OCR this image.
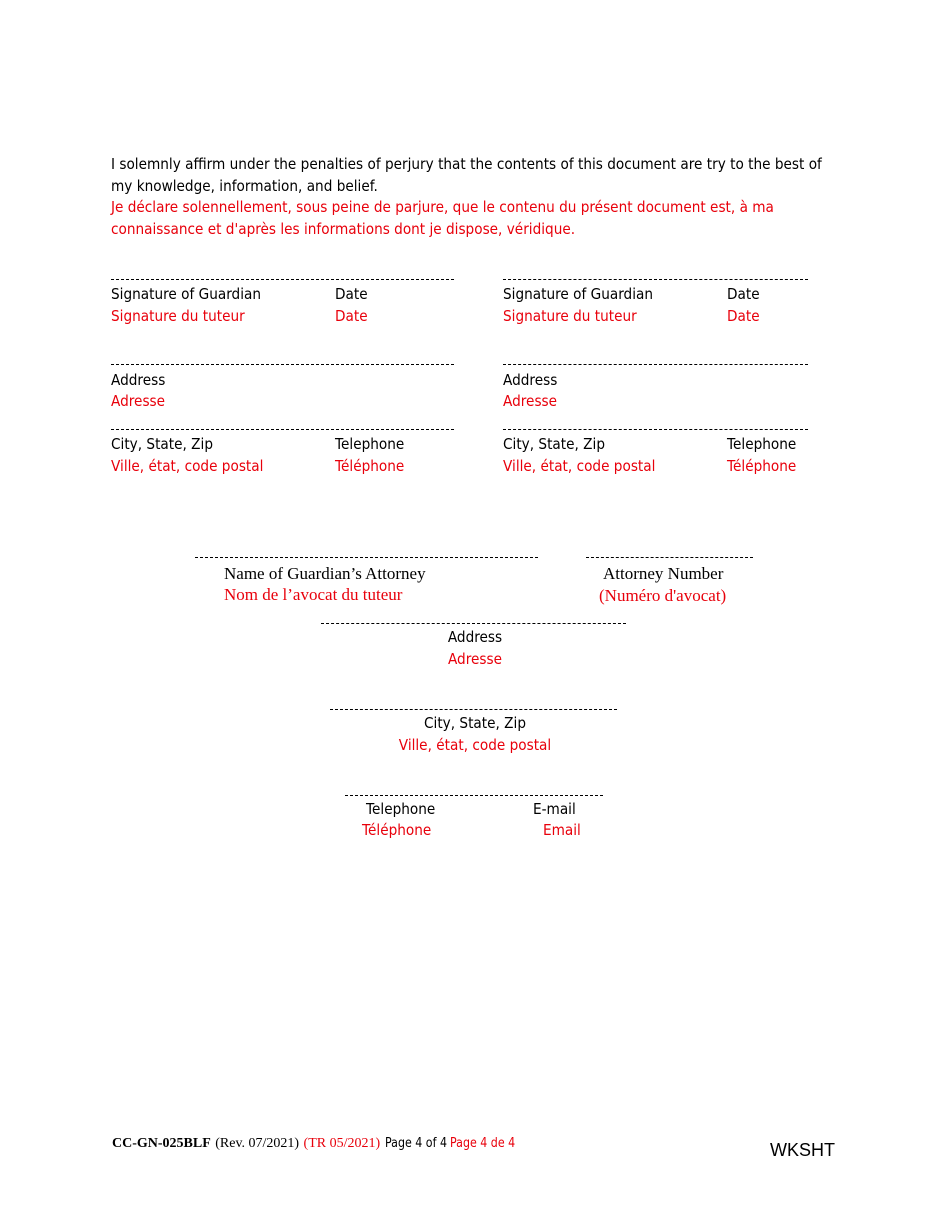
I solemnly affirm under the penalties of perjury that the contents of this document are try to the best of my knowledge, information, and belief.
Je déclare solennellement, sous peine de parjure, que le contenu du présent document est, à ma connaissance et d'après les informations dont je dispose, véridique.
Signature of Guardian
Signature du tuteur
Date
Date
Address
Adresse
City, State, Zip
Ville, état, code postal
Telephone
Téléphone
Signature of Guardian
Signature du tuteur
Date
Date
Address
Adresse
City, State, Zip
Ville, état, code postal
Telephone
Téléphone
Name of Guardian’s Attorney
Nom de l’avocat du tuteur
Attorney Number
(Numéro d'avocat)
Address
Adresse
City, State, Zip
Ville, état, code postal
Telephone
Téléphone
E-mail
Email
CC-GN-025BLF (Rev. 07/2021) (TR 05/2021) Page 4 of 4 Page 4 de 4	WKSHT
